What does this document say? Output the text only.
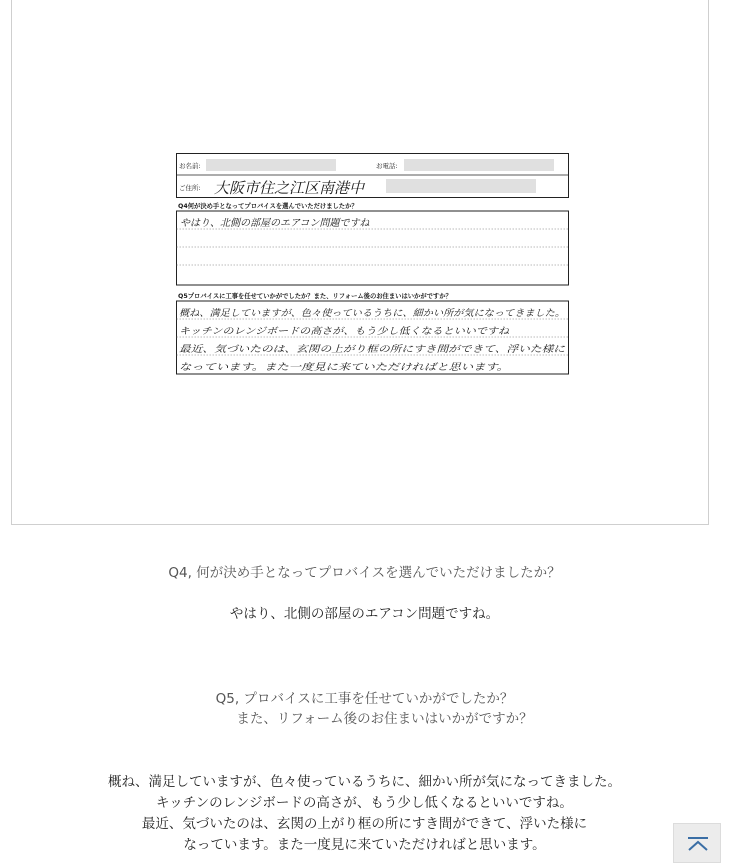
お名前:	お電話:
ご住所: 大阪市住之江区南港中
Q4何が決め手となってプロバイスを選んでいただけましたか？
やはり、北側の部屋のエアコン問題ですね
Q5プロバイスに工事を任せていかがでしたか？また、リフォーム後のお住まいはいかがですか？
概ね、満足していますが、色々使っているうちに、細かい所が気になってきました。
キッチンのレンジボードの高さが、もう少し低くなるといいですね
最近、気づいたのは、玄関の上がり框の所にすき間ができて、浮いた様に
なっています。また一度見に来ていただければと思います。
Q4, 何が決め手となってプロバイスを選んでいただけましたか？
やはり、北側の部屋のエアコン問題ですね。
Q5, プロバイスに工事を任せていかがでしたか？
また、リフォーム後のお住まいはいかがですか？
概ね、満足していますが、色々使っているうちに、細かい所が気になってきました。
キッチンのレンジボードの高さが、もう少し低くなるといいですね。
最近、気づいたのは、玄関の上がり框の所にすき間ができて、浮いた様に
なっています。また一度見に来ていただければと思います。
